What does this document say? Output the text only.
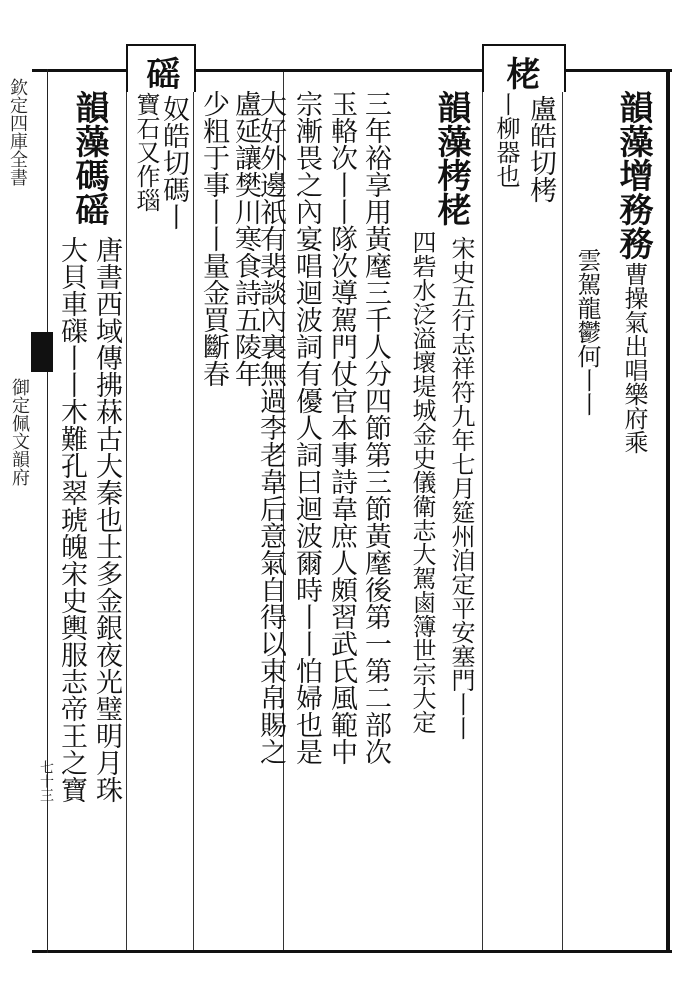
磘	栳
欽定四庫全書
御定佩文韻府
七十三
韻藻增務務
曹操氣出唱樂府乘
雲駕龍鬱何丨丨
盧皓切栲
丨柳器也
韻藻栲栳
宋史五行志祥符九年七月筵州洎定平安塞門丨丨
四砦水泛溢壞堤城金史儀衛志大駕鹵簿世宗大定
三年裕享用黃麾三千人分四節第三節黃麾後第一第二部次
玉輅次丨丨隊次導駕門仗官本事詩韋庶人頗習武氏風範中
宗漸畏之內宴唱迴波詞有優人詞曰迴波爾時丨丨怕婦也是
大好外邊祇有裴談內裏無過李老韋后意氣自得以束帛賜之
盧延讓樊川寒食詩五陵年
少粗于事丨丨量金買斷春
奴皓切碼丨
寶石又作瑙
韻藻碼磘
唐書西域傳拂菻古大秦也土多金銀夜光璧明月珠
大貝車磲丨丨木難孔翠琥魄宋史輿服志帝王之寶
